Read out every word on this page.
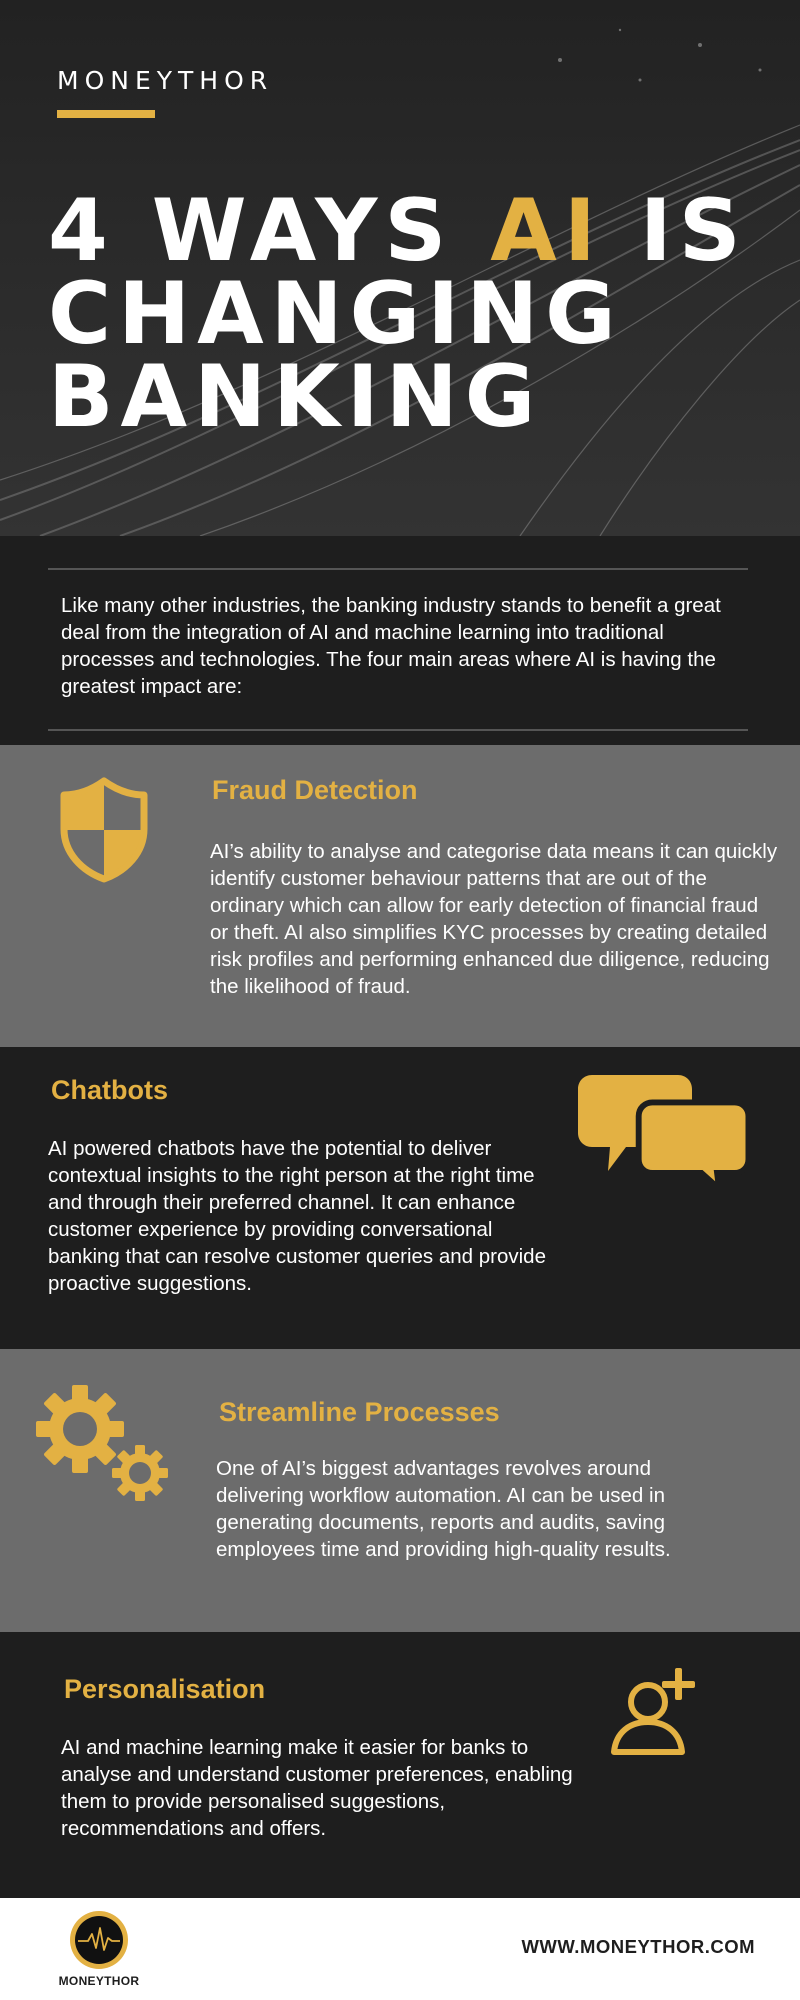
MONEYTHOR
4 WAYS AI IS
CHANGING
BANKING

Like many other industries, the banking industry stands to benefit a great deal from the integration of AI and machine learning into traditional processes and technologies. The four main areas where AI is having the greatest impact are:

Fraud Detection

AI’s ability to analyse and categorise data means it can quickly identify customer behaviour patterns that are out of the ordinary which can allow for early detection of financial fraud or theft. AI also simplifies KYC processes by creating detailed risk profiles and performing enhanced due diligence, reducing the likelihood of fraud.

Chatbots

AI powered chatbots have the potential to deliver contextual insights to the right person at the right time and through their preferred channel. It can enhance customer experience by providing conversational banking that can resolve customer queries and provide proactive suggestions.

Streamline Processes

One of AI’s biggest advantages revolves around delivering workflow automation. AI can be used in generating documents, reports and audits, saving employees time and providing high-quality results.

Personalisation

AI and machine learning make it easier for banks to analyse and understand customer preferences, enabling them to provide personalised suggestions, recommendations and offers.

MONEYTHOR
WWW.MONEYTHOR.COM
